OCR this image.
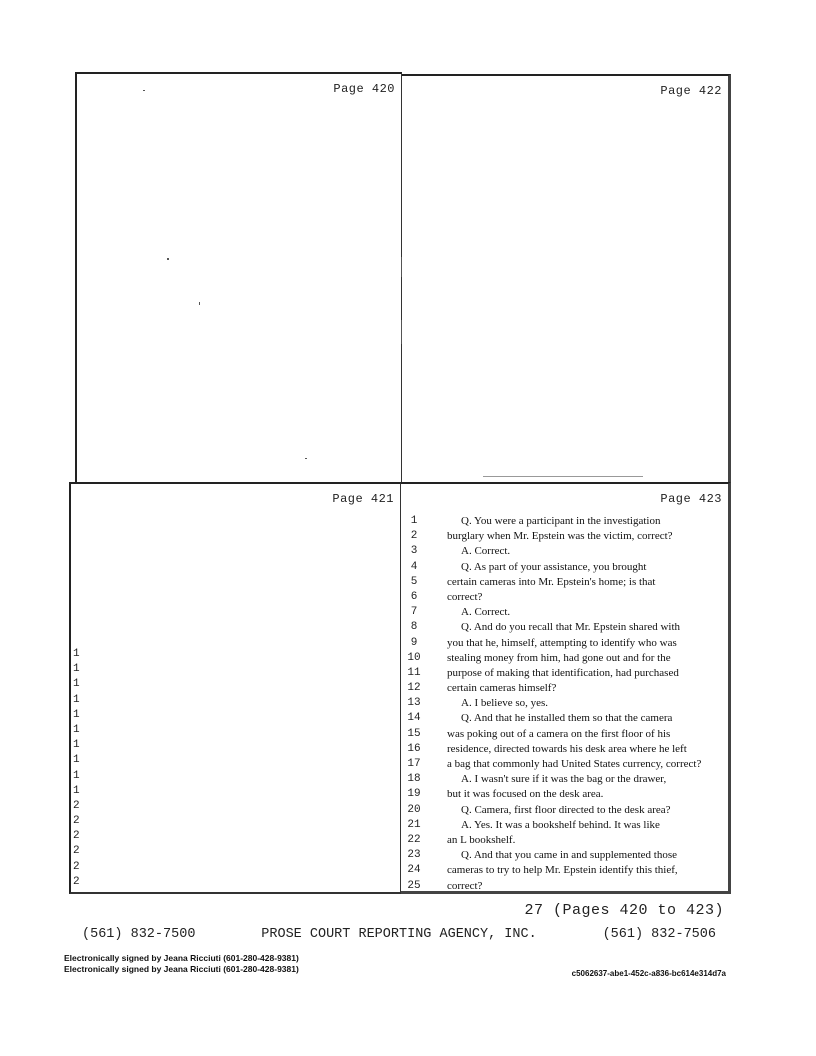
Page 420	Page 422
Page 421
1
1
1
1
1
1
1
1
1
1
2
2
2
2
2
2
Page 423
1	Q. You were a participant in the investigation
2	burglary when Mr. Epstein was the victim, correct?
3	A. Correct.
4	Q. As part of your assistance, you brought
5	certain cameras into Mr. Epstein's home; is that
6	correct?
7	A. Correct.
8	Q. And do you recall that Mr. Epstein shared with
9	you that he, himself, attempting to identify who was
10	stealing money from him, had gone out and for the
11	purpose of making that identification, had purchased
12	certain cameras himself?
13	A. I believe so, yes.
14	Q. And that he installed them so that the camera
15	was poking out of a camera on the first floor of his
16	residence, directed towards his desk area where he left
17	a bag that commonly had United States currency, correct?
18	A. I wasn't sure if it was the bag or the drawer,
19	but it was focused on the desk area.
20	Q. Camera, first floor directed to the desk area?
21	A. Yes. It was a bookshelf behind. It was like
22	an L bookshelf.
23	Q. And that you came in and supplemented those
24	cameras to try to help Mr. Epstein identify this thief,
25	correct?
27 (Pages 420 to 423)
(561) 832-7500	PROSE COURT REPORTING AGENCY, INC.	(561) 832-7506
Electronically signed by Jeana Ricciuti (601-280-428-9381)
Electronically signed by Jeana Ricciuti (601-280-428-9381)	c5062637-abe1-452c-a836-bc614e314d7a
